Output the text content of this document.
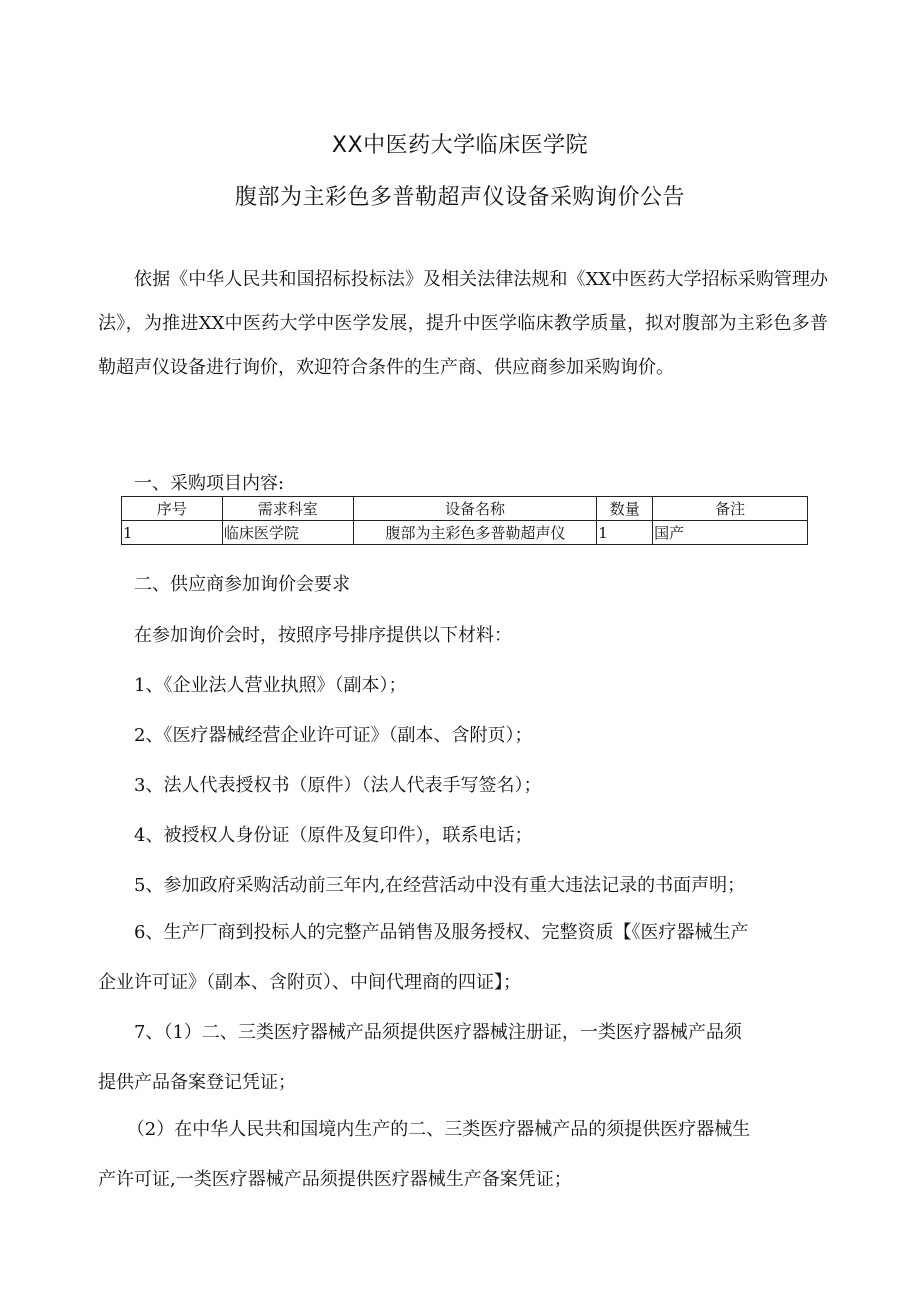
XX中医药大学临床医学院
腹部为主彩色多普勒超声仪设备采购询价公告
依据《中华人民共和国招标投标法》及相关法律法规和《XX中医药大学招标采购管理办法》，为推进XX中医药大学中医学发展，提升中医学临床教学质量，拟对腹部为主彩色多普勒超声仪设备进行询价，欢迎符合条件的生产商、供应商参加采购询价。
一、采购项目内容:
序号	需求科室	设备名称	数量	备注
1	临床医学院	腹部为主彩色多普勒超声仪	1	国产
二、供应商参加询价会要求
在参加询价会时，按照序号排序提供以下材料：
1、《企业法人营业执照》（副本）；
2、《医疗器械经营企业许可证》（副本、含附页）；
3、法人代表授权书（原件）（法人代表手写签名）；
4、被授权人身份证（原件及复印件），联系电话；
5、参加政府采购活动前三年内,在经营活动中没有重大违法记录的书面声明；
6、生产厂商到投标人的完整产品销售及服务授权、完整资质【《医疗器械生产
企业许可证》（副本、含附页）、中间代理商的四证】；
7、（1）二、三类医疗器械产品须提供医疗器械注册证，一类医疗器械产品须
提供产品备案登记凭证；
（2）在中华人民共和国境内生产的二、三类医疗器械产品的须提供医疗器械生
产许可证,一类医疗器械产品须提供医疗器械生产备案凭证；
